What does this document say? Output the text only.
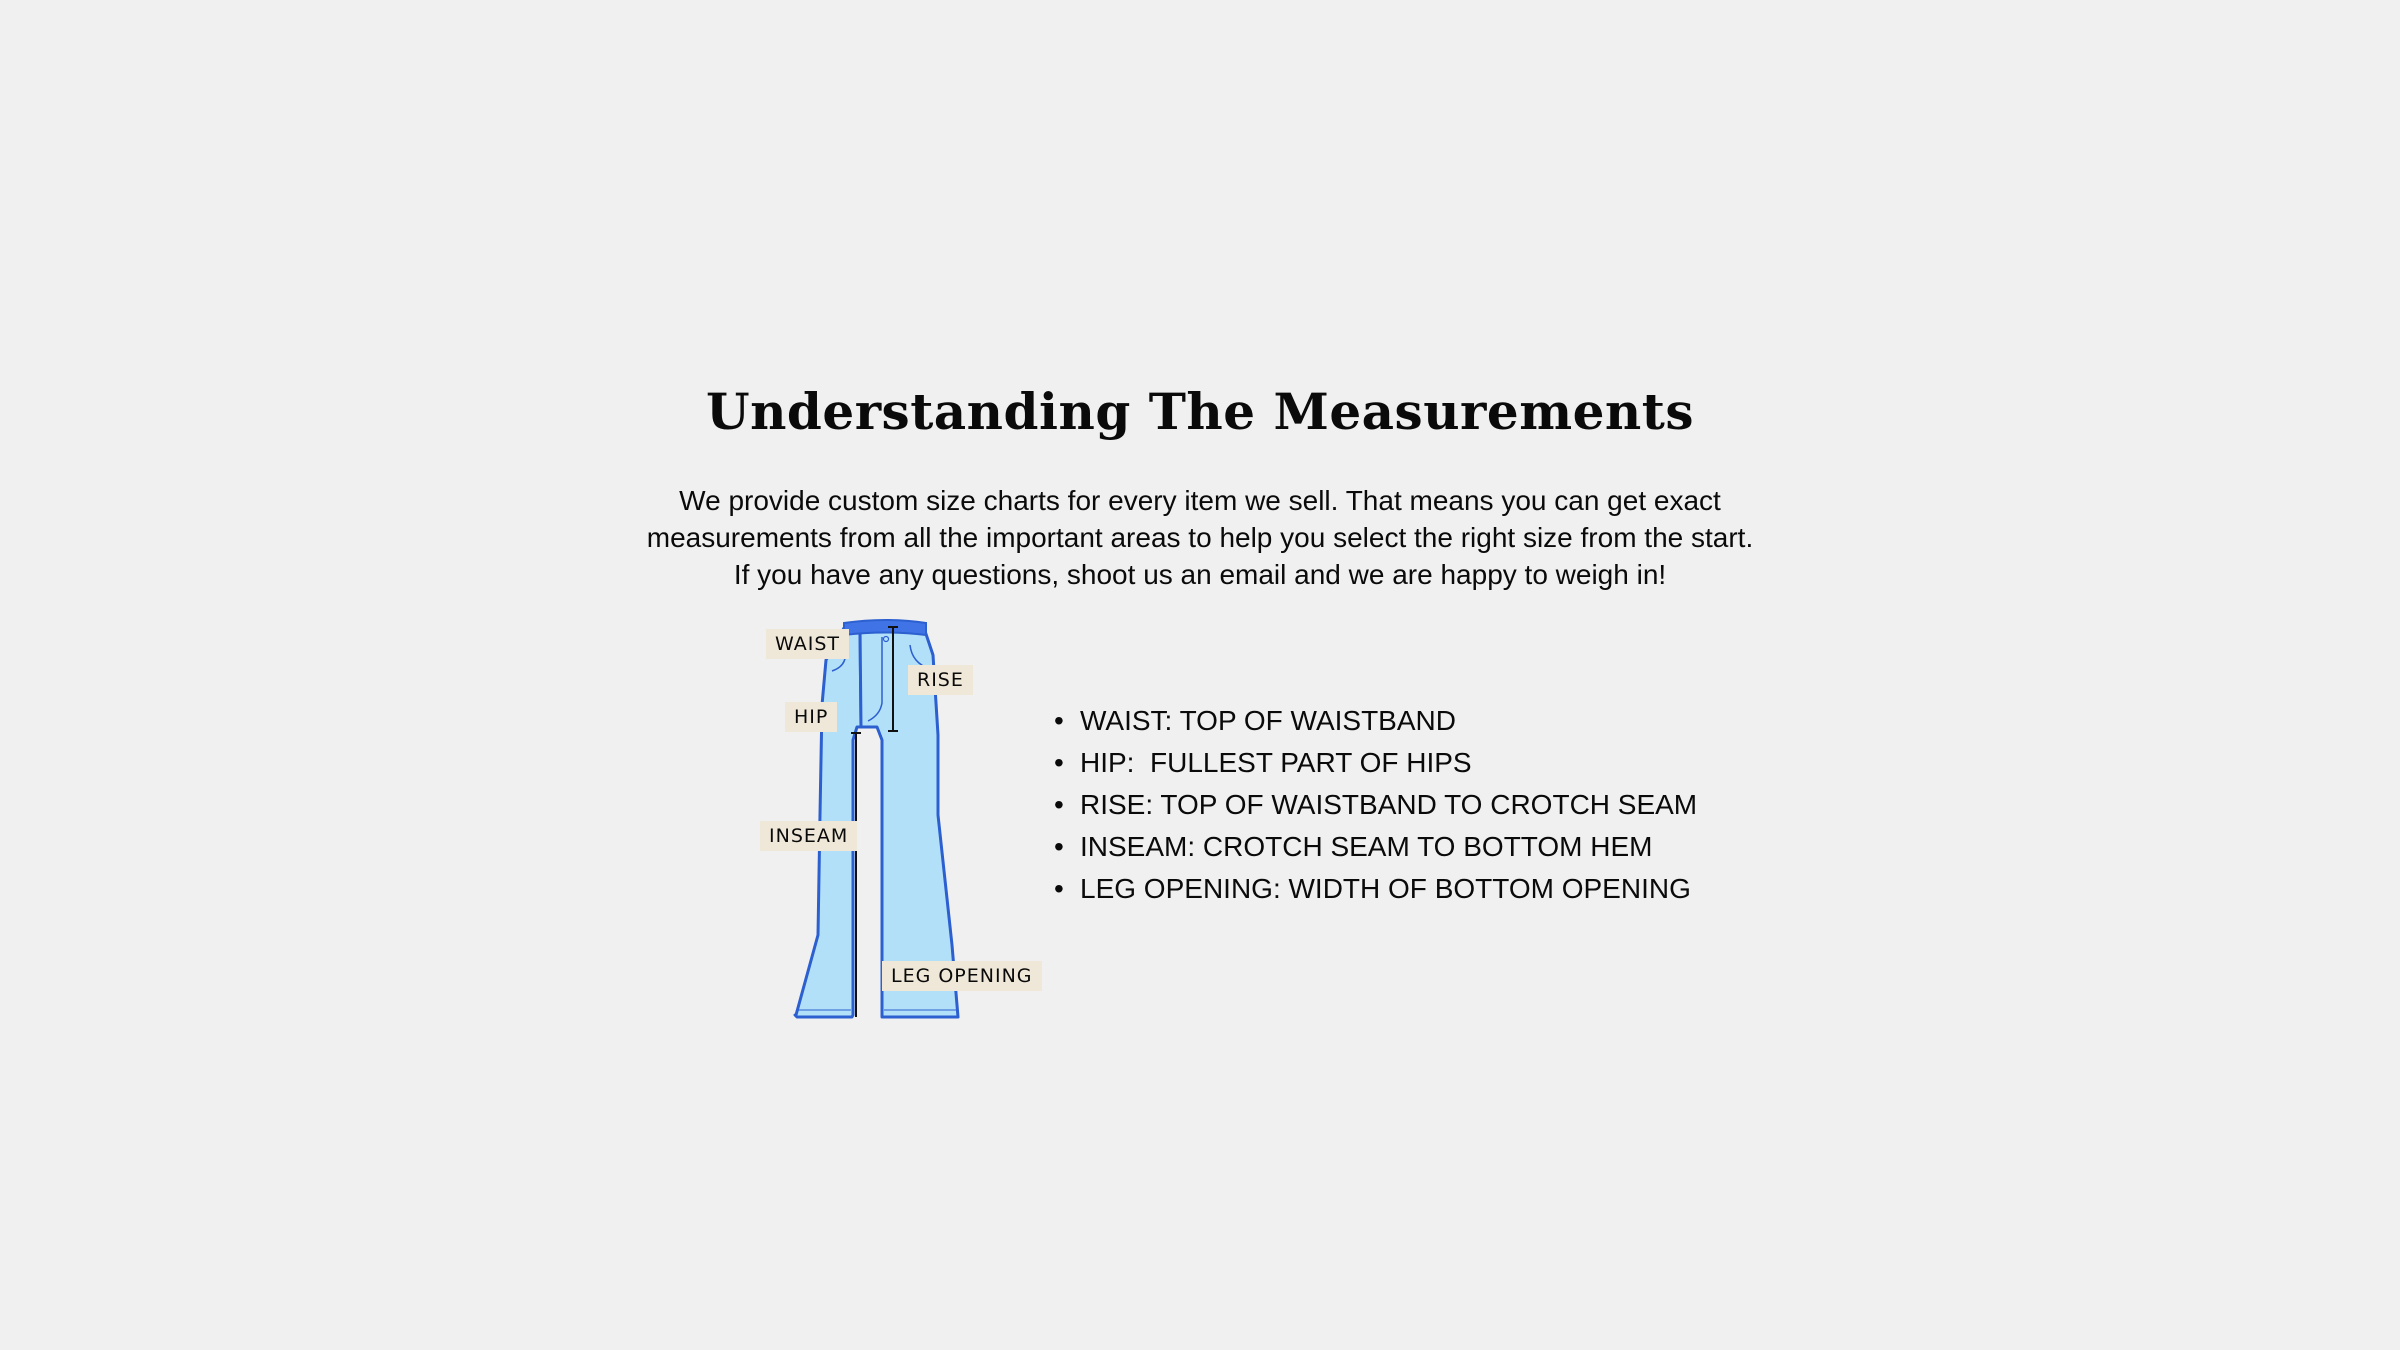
Understanding The Measurements

We provide custom size charts for every item we sell. That means you can get exact measurements from all the important areas to help you select the right size from the start. If you have any questions, shoot us an email and we are happy to weigh in!

WAIST
RISE
HIP
INSEAM
LEG OPENING
• WAIST: TOP OF WAISTBAND
• HIP:  FULLEST PART OF HIPS
• RISE: TOP OF WAISTBAND TO CROTCH SEAM
• INSEAM: CROTCH SEAM TO BOTTOM HEM
• LEG OPENING: WIDTH OF BOTTOM OPENING
